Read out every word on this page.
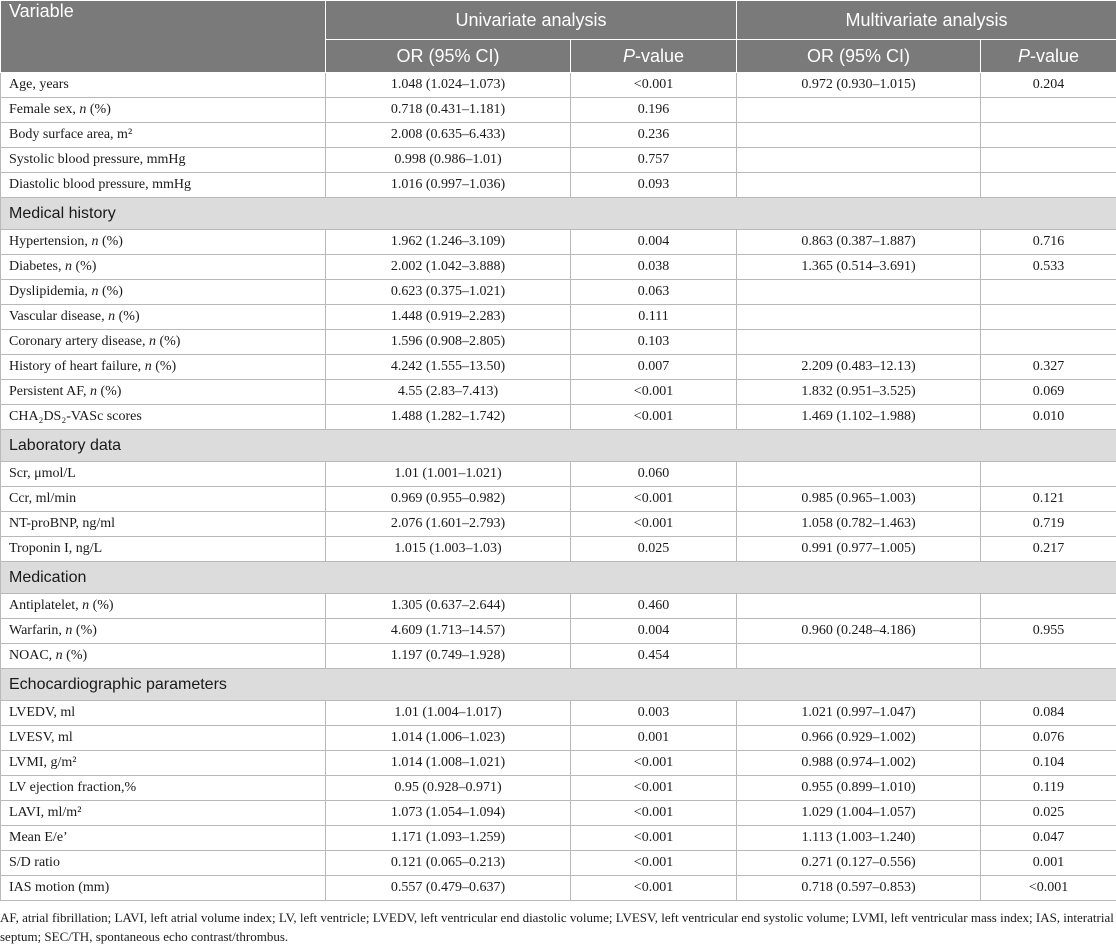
Variable	Univariate analysis		Multivariate analysis	
	OR (95% CI)	P-value	OR (95% CI)	P-value
Age, years	1.048 (1.024–1.073)	<0.001	0.972 (0.930–1.015)	0.204
Female sex, n (%)	0.718 (0.431–1.181)	0.196		
Body surface area, m²	2.008 (0.635–6.433)	0.236		
Systolic blood pressure, mmHg	0.998 (0.986–1.01)	0.757		
Diastolic blood pressure, mmHg	1.016 (0.997–1.036)	0.093		
Medical history				
Hypertension, n (%)	1.962 (1.246–3.109)	0.004	0.863 (0.387–1.887)	0.716
Diabetes, n (%)	2.002 (1.042–3.888)	0.038	1.365 (0.514–3.691)	0.533
Dyslipidemia, n (%)	0.623 (0.375–1.021)	0.063		
Vascular disease, n (%)	1.448 (0.919–2.283)	0.111		
Coronary artery disease, n (%)	1.596 (0.908–2.805)	0.103		
History of heart failure, n (%)	4.242 (1.555–13.50)	0.007	2.209 (0.483–12.13)	0.327
Persistent AF, n (%)	4.55 (2.83–7.413)	<0.001	1.832 (0.951–3.525)	0.069
CHA₂DS₂-VASc scores	1.488 (1.282–1.742)	<0.001	1.469 (1.102–1.988)	0.010
Laboratory data				
Scr, μmol/L	1.01 (1.001–1.021)	0.060		
Ccr, ml/min	0.969 (0.955–0.982)	<0.001	0.985 (0.965–1.003)	0.121
NT-proBNP, ng/ml	2.076 (1.601–2.793)	<0.001	1.058 (0.782–1.463)	0.719
Troponin I, ng/L	1.015 (1.003–1.03)	0.025	0.991 (0.977–1.005)	0.217
Medication				
Antiplatelet, n (%)	1.305 (0.637–2.644)	0.460		
Warfarin, n (%)	4.609 (1.713–14.57)	0.004	0.960 (0.248–4.186)	0.955
NOAC, n (%)	1.197 (0.749–1.928)	0.454		
Echocardiographic parameters				
LVEDV, ml	1.01 (1.004–1.017)	0.003	1.021 (0.997–1.047)	0.084
LVESV, ml	1.014 (1.006–1.023)	0.001	0.966 (0.929–1.002)	0.076
LVMI, g/m²	1.014 (1.008–1.021)	<0.001	0.988 (0.974–1.002)	0.104
LV ejection fraction,%	0.95 (0.928–0.971)	<0.001	0.955 (0.899–1.010)	0.119
LAVI, ml/m²	1.073 (1.054–1.094)	<0.001	1.029 (1.004–1.057)	0.025
Mean E/e’	1.171 (1.093–1.259)	<0.001	1.113 (1.003–1.240)	0.047
S/D ratio	0.121 (0.065–0.213)	<0.001	0.271 (0.127–0.556)	0.001
IAS motion (mm)	0.557 (0.479–0.637)	<0.001	0.718 (0.597–0.853)	<0.001
AF, atrial fibrillation; LAVI, left atrial volume index; LV, left ventricle; LVEDV, left ventricular end diastolic volume; LVESV, left ventricular end systolic volume; LVMI, left ventricular mass index; IAS, interatrial septum; SEC/TH, spontaneous echo contrast/thrombus.
